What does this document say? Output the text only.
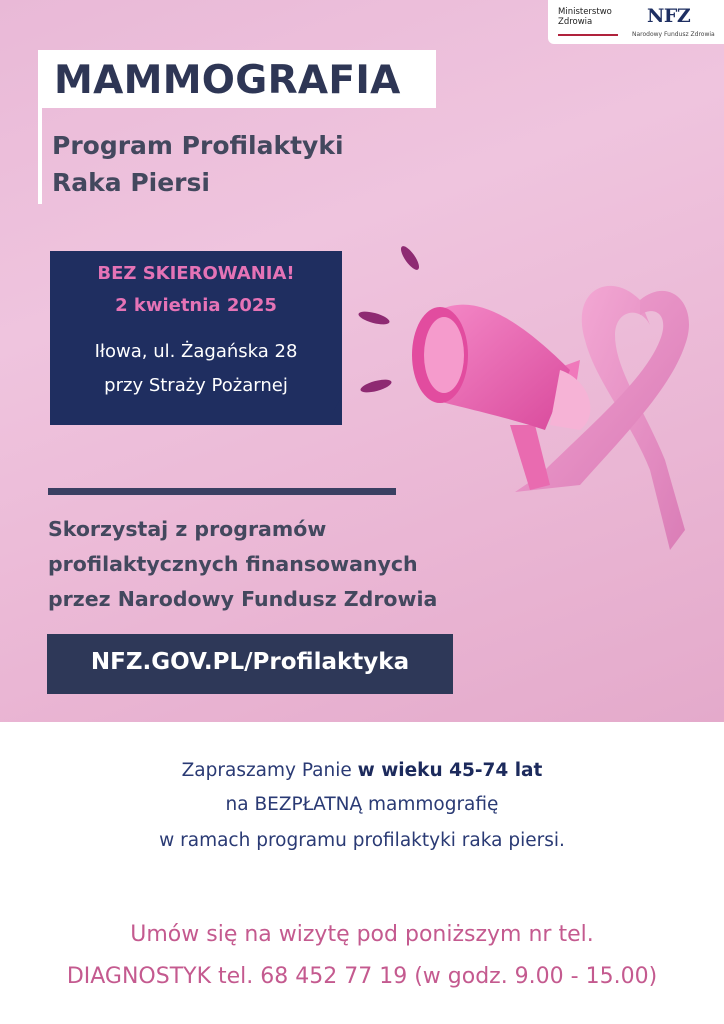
Ministerstwo
Zdrowia	NFZ
Narodowy Fundusz Zdrowia
MAMMOGRAFIA
Program Profilaktyki
Raka Piersi
BEZ SKIEROWANIA!
2 kwietnia 2025
Iłowa, ul. Żagańska 28
przy Straży Pożarnej
Skorzystaj z programów
profilaktycznych finansowanych
przez Narodowy Fundusz Zdrowia
NFZ.GOV.PL/Profilaktyka
Zapraszamy Panie w wieku 45-74 lat
na BEZPŁATNĄ mammografię
w ramach programu profilaktyki raka piersi.
Umów się na wizytę pod poniższym nr tel.
DIAGNOSTYK tel. 68 452 77 19 (w godz. 9.00 - 15.00)
